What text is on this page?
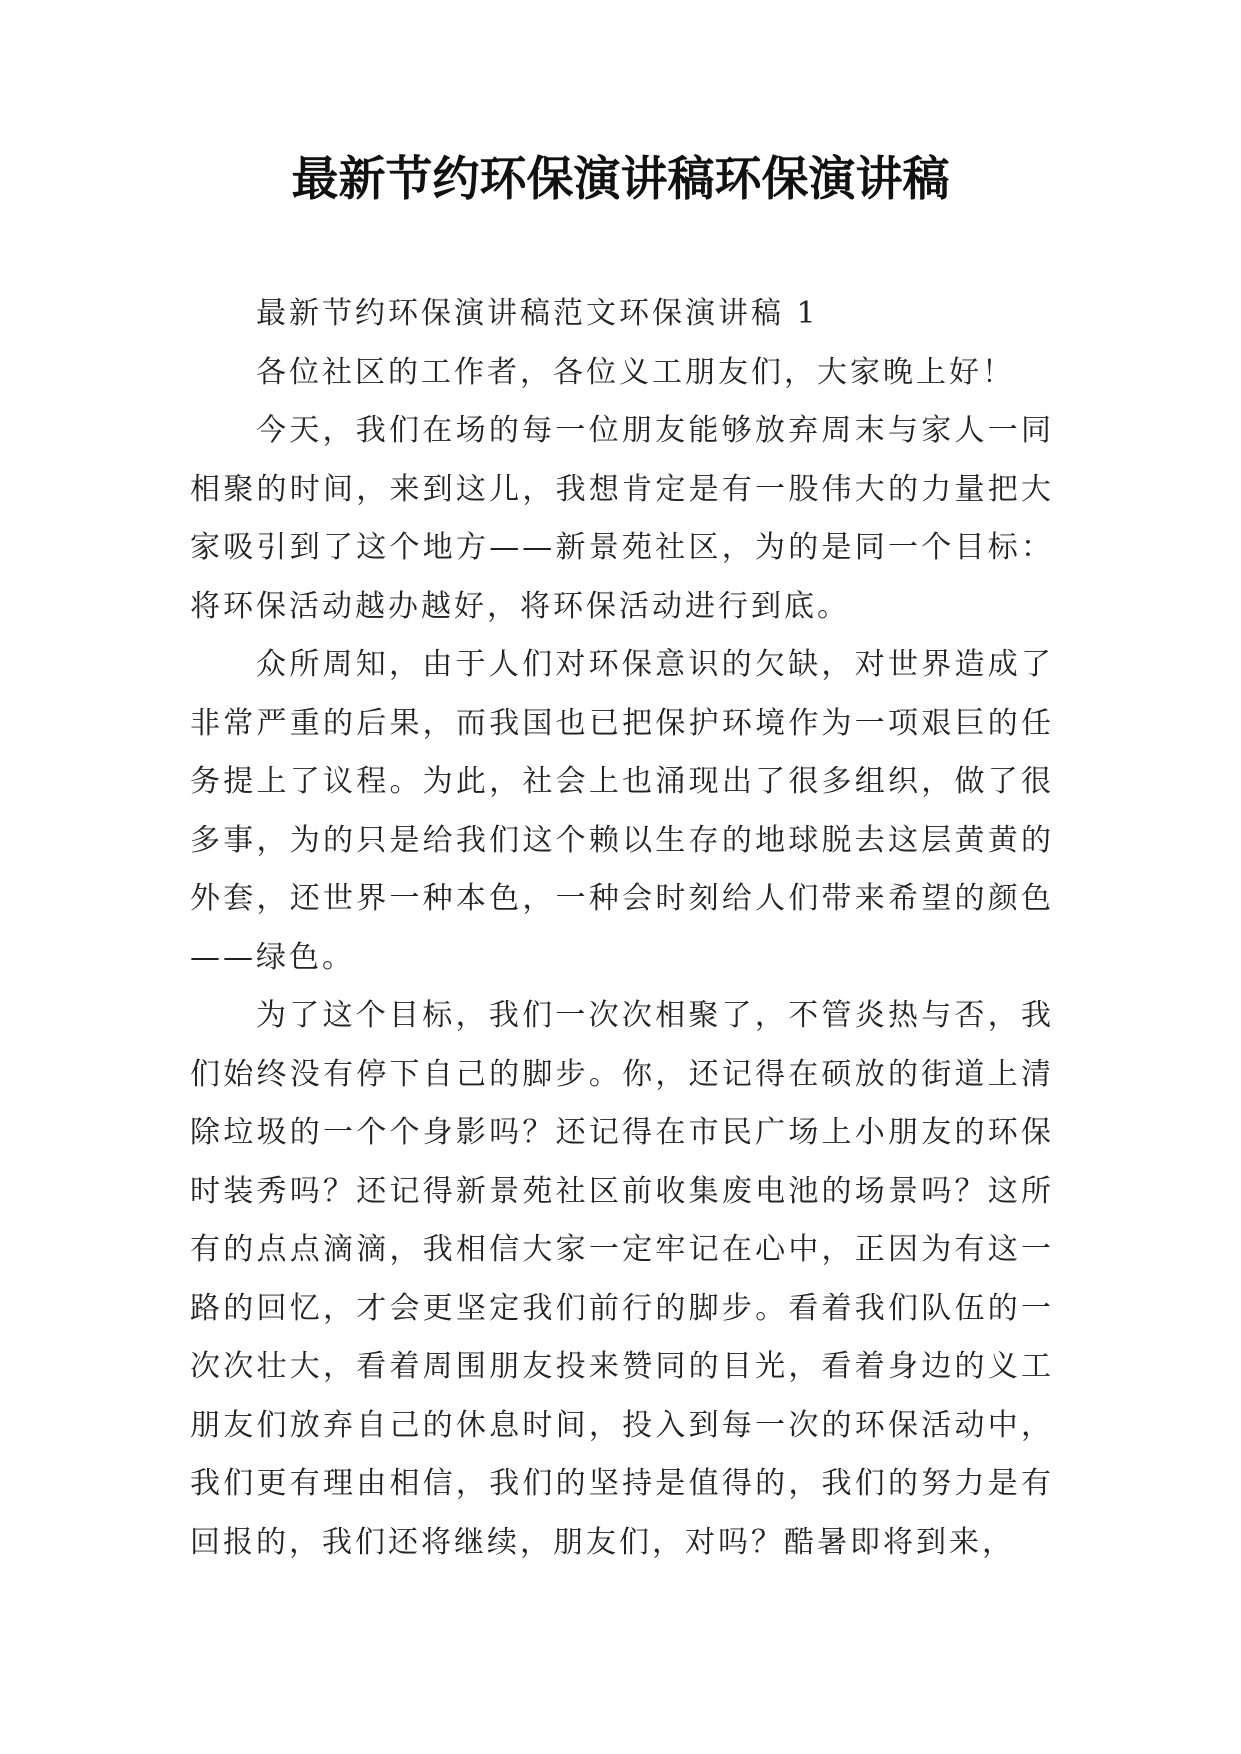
最新节约环保演讲稿环保演讲稿

最新节约环保演讲稿范文环保演讲稿 1

各位社区的工作者，各位义工朋友们，大家晚上好！

今天，我们在场的每一位朋友能够放弃周末与家人一同相聚的时间，来到这儿，我想肯定是有一股伟大的力量把大家吸引到了这个地方——新景苑社区，为的是同一个目标：将环保活动越办越好，将环保活动进行到底。

众所周知，由于人们对环保意识的欠缺，对世界造成了非常严重的后果，而我国也已把保护环境作为一项艰巨的任务提上了议程。为此，社会上也涌现出了很多组织，做了很多事，为的只是给我们这个赖以生存的地球脱去这层黄黄的外套，还世界一种本色，一种会时刻给人们带来希望的颜色——绿色。

为了这个目标，我们一次次相聚了，不管炎热与否，我们始终没有停下自己的脚步。你，还记得在硕放的街道上清除垃圾的一个个身影吗？还记得在市民广场上小朋友的环保时装秀吗？还记得新景苑社区前收集废电池的场景吗？这所有的点点滴滴，我相信大家一定牢记在心中，正因为有这一路的回忆，才会更坚定我们前行的脚步。看着我们队伍的一次次壮大，看着周围朋友投来赞同的目光，看着身边的义工朋友们放弃自己的休息时间，投入到每一次的环保活动中，我们更有理由相信，我们的坚持是值得的，我们的努力是有回报的，我们还将继续，朋友们，对吗？酷暑即将到来，
